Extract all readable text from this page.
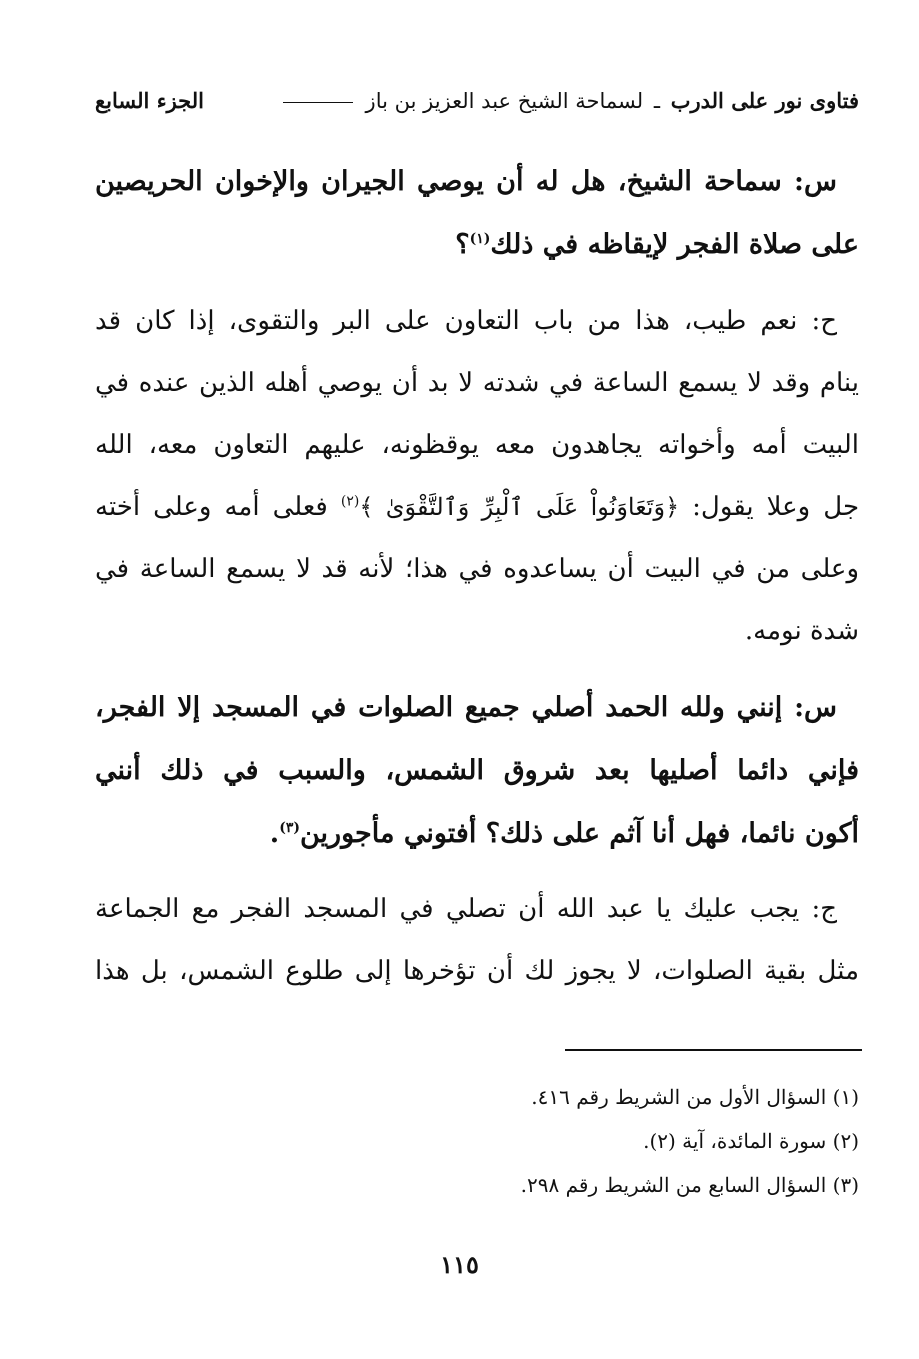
فتاوى نور على الدرب ـ لسماحة الشيخ عبد العزيز بن باز
الجزء السابع
س: سماحة الشيخ، هل له أن يوصي الجيران والإخوان الحريصين
على صلاة الفجر لإيقاظه في ذلك$^{(١)}$؟
ح: نعم طيب، هذا من باب التعاون على البر والتقوى، إذا كان قد
ينام وقد لا يسمع الساعة في شدته لا بد أن يوصي أهله الذين عنده في
البيت أمه وأخواته يجاهدون معه يوقظونه، عليهم التعاون معه، الله
جل وعلا يقول: ﴿وَتَعَاوَنُواْ عَلَى ٱلْبِرِّ وَٱلتَّقْوَىٰ ﴾$^{(٢)}$ فعلى أمه وعلى أخته
وعلى من في البيت أن يساعدوه في هذا؛ لأنه قد لا يسمع الساعة في
شدة نومه.
س: إنني ولله الحمد أصلي جميع الصلوات في المسجد إلا الفجر،
فإني دائما أصليها بعد شروق الشمس، والسبب في ذلك أنني
أكون نائما، فهل أنا آثم على ذلك؟ أفتوني مأجورين$^{(٣)}$.
ج: يجب عليك يا عبد الله أن تصلي في المسجد الفجر مع الجماعة
مثل بقية الصلوات، لا يجوز لك أن تؤخرها إلى طلوع الشمس، بل هذا
(١) السؤال الأول من الشريط رقم ٤١٦.
(٢) سورة المائدة، آية (٢).
(٣) السؤال السابع من الشريط رقم ٢٩٨.
١١٥
